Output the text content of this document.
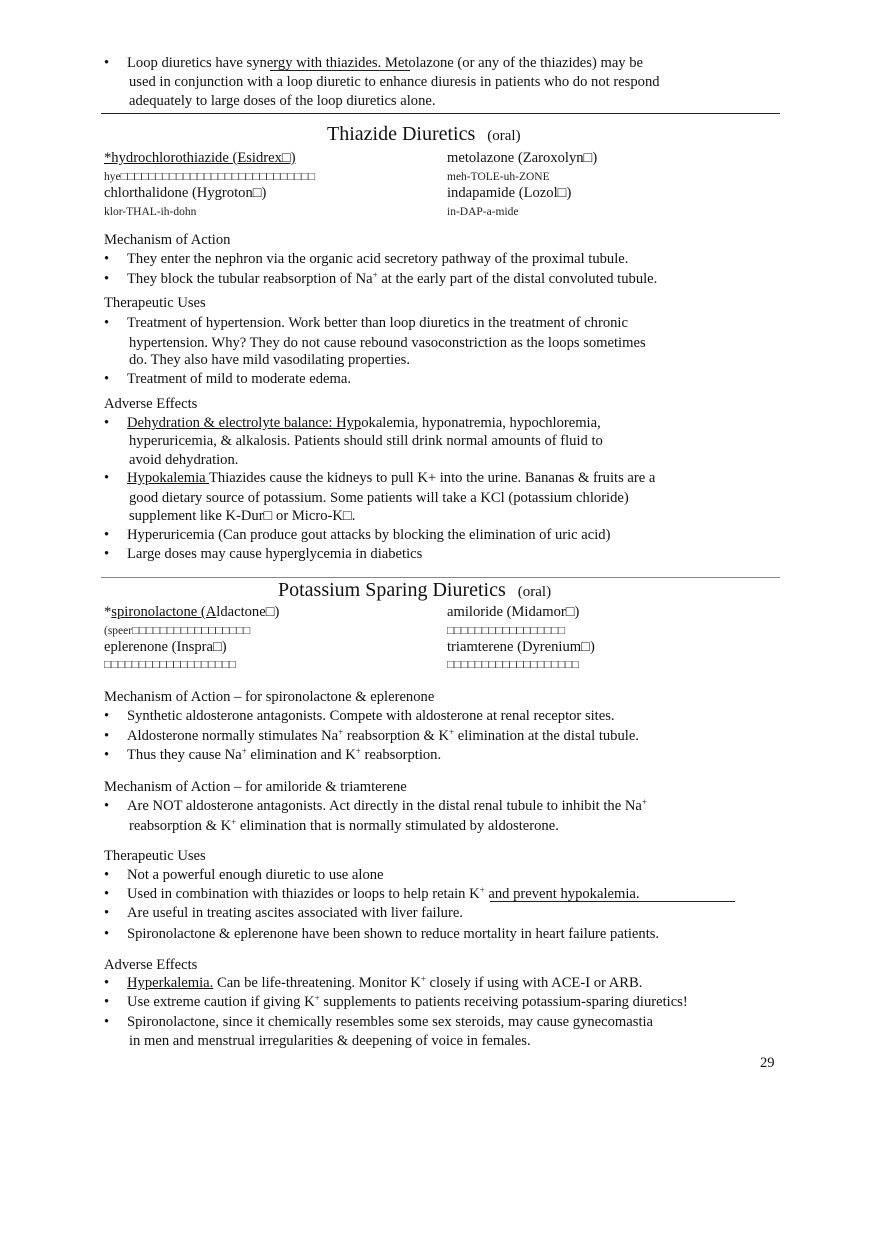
• Loop diuretics have synergy with thiazides. Metolazone (or any of the thiazides) may be
used in conjunction with a loop diuretic to enhance diuresis in patients who do not respond
adequately to large doses of the loop diuretics alone.
Thiazide Diuretics (oral)
*hydrochlorothiazide (Esidrex□)
hye□□□□□□□□□□□□□□□□□□□□□□□□□□□□
metolazone (Zaroxolyn□)
meh-TOLE-uh-ZONE
chlorthalidone (Hygroton□)
klor-THAL-ih-dohn
indapamide (Lozol□)
in-DAP-a-mide
Mechanism of Action
• They enter the nephron via the organic acid secretory pathway of the proximal tubule.
• They block the tubular reabsorption of Na+ at the early part of the distal convoluted tubule.
Therapeutic Uses
• Treatment of hypertension. Work better than loop diuretics in the treatment of chronic
hypertension. Why? They do not cause rebound vasoconstriction as the loops sometimes
do. They also have mild vasodilating properties.
• Treatment of mild to moderate edema.
Adverse Effects
• Dehydration & electrolyte balance: Hypokalemia, hyponatremia, hypochloremia,
hyperuricemia, & alkalosis. Patients should still drink normal amounts of fluid to
avoid dehydration.
• Hypokalemia Thiazides cause the kidneys to pull K+ into the urine. Bananas & fruits are a
good dietary source of potassium. Some patients will take a KCl (potassium chloride)
supplement like K-Dur□ or Micro-K□.
• Hyperuricemia (Can produce gout attacks by blocking the elimination of uric acid)
• Large doses may cause hyperglycemia in diabetics
Potassium Sparing Diuretics (oral)
*spironolactone (Aldactone□)
(speer□□□□□□□□□□□□□□□□□
amiloride (Midamor□)
□□□□□□□□□□□□□□□□□
eplerenone (Inspra□)
□□□□□□□□□□□□□□□□□□□
triamterene (Dyrenium□)
□□□□□□□□□□□□□□□□□□□
Mechanism of Action – for spironolactone & eplerenone
• Synthetic aldosterone antagonists. Compete with aldosterone at renal receptor sites.
• Aldosterone normally stimulates Na+ reabsorption & K+ elimination at the distal tubule.
• Thus they cause Na+ elimination and K+ reabsorption.
Mechanism of Action – for amiloride & triamterene
• Are NOT aldosterone antagonists. Act directly in the distal renal tubule to inhibit the Na+
reabsorption & K+ elimination that is normally stimulated by aldosterone.
Therapeutic Uses
• Not a powerful enough diuretic to use alone
• Used in combination with thiazides or loops to help retain K+ and prevent hypokalemia.
• Are useful in treating ascites associated with liver failure.
• Spironolactone & eplerenone have been shown to reduce mortality in heart failure patients.
Adverse Effects
• Hyperkalemia. Can be life-threatening. Monitor K+ closely if using with ACE-I or ARB.
• Use extreme caution if giving K+ supplements to patients receiving potassium-sparing diuretics!
• Spironolactone, since it chemically resembles some sex steroids, may cause gynecomastia
in men and menstrual irregularities & deepening of voice in females.
29
